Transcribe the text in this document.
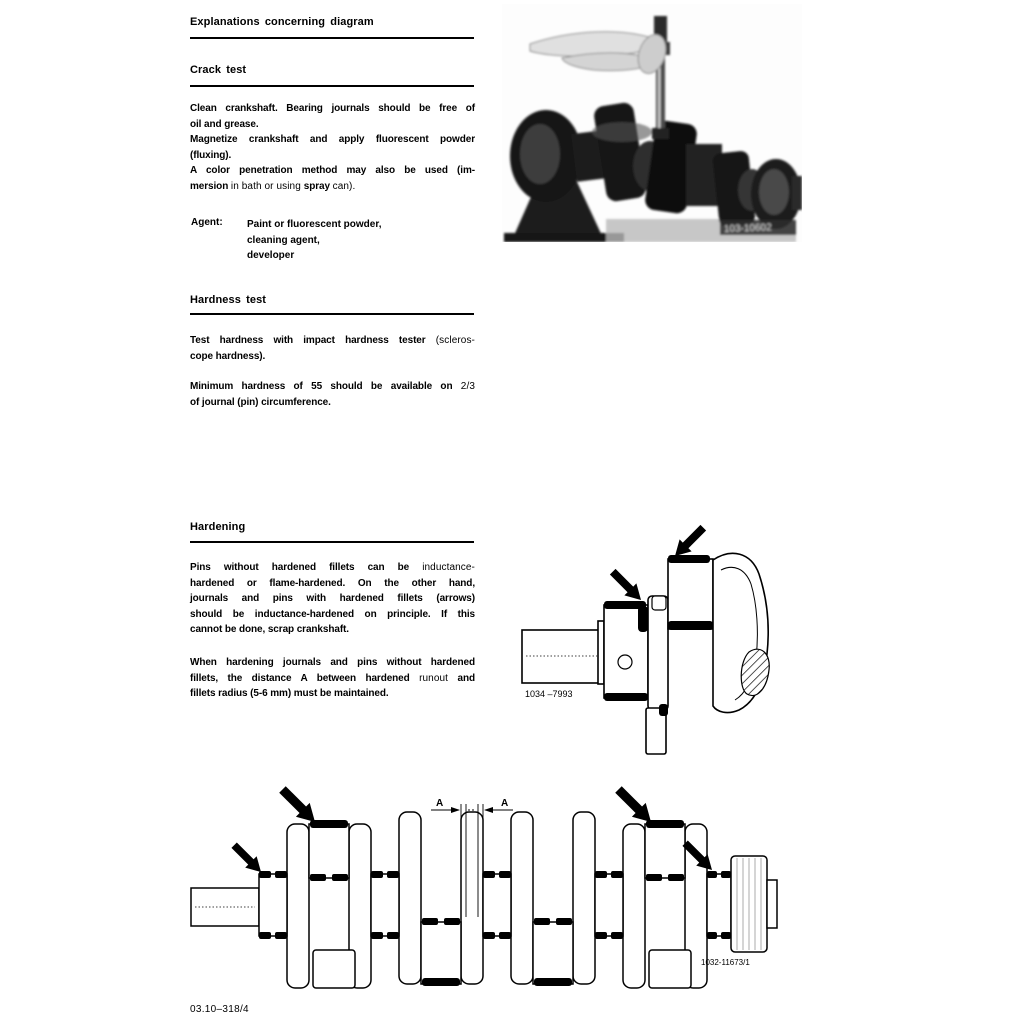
Explanations concerning diagram
Crack test
Clean crankshaft. Bearing journals should be free of
oil and grease.
Magnetize crankshaft and apply fluorescent powder
(fluxing).
A color penetration method may also be used (im-
mersion in bath or using spray can).
Agent: Paint or fluorescent powder,
cleaning agent,
developer
Hardness test
Test hardness with impact hardness tester (scleros-
cope hardness).
Minimum hardness of 55 should be available on 2/3
of journal (pin) circumference.
Hardening
Pins without hardened fillets can be inductance-
hardened or flame-hardened. On the other hand,
journals and pins with hardened fillets (arrows)
should be inductance-hardened on principle. If this
cannot be done, scrap crankshaft.
When hardening journals and pins without hardened
fillets, the distance A between hardened runout and
fillets radius (5-6 mm) must be maintained.
03.10–318/4
103-10602
1034 –7993
A	A
1032-11673/1
